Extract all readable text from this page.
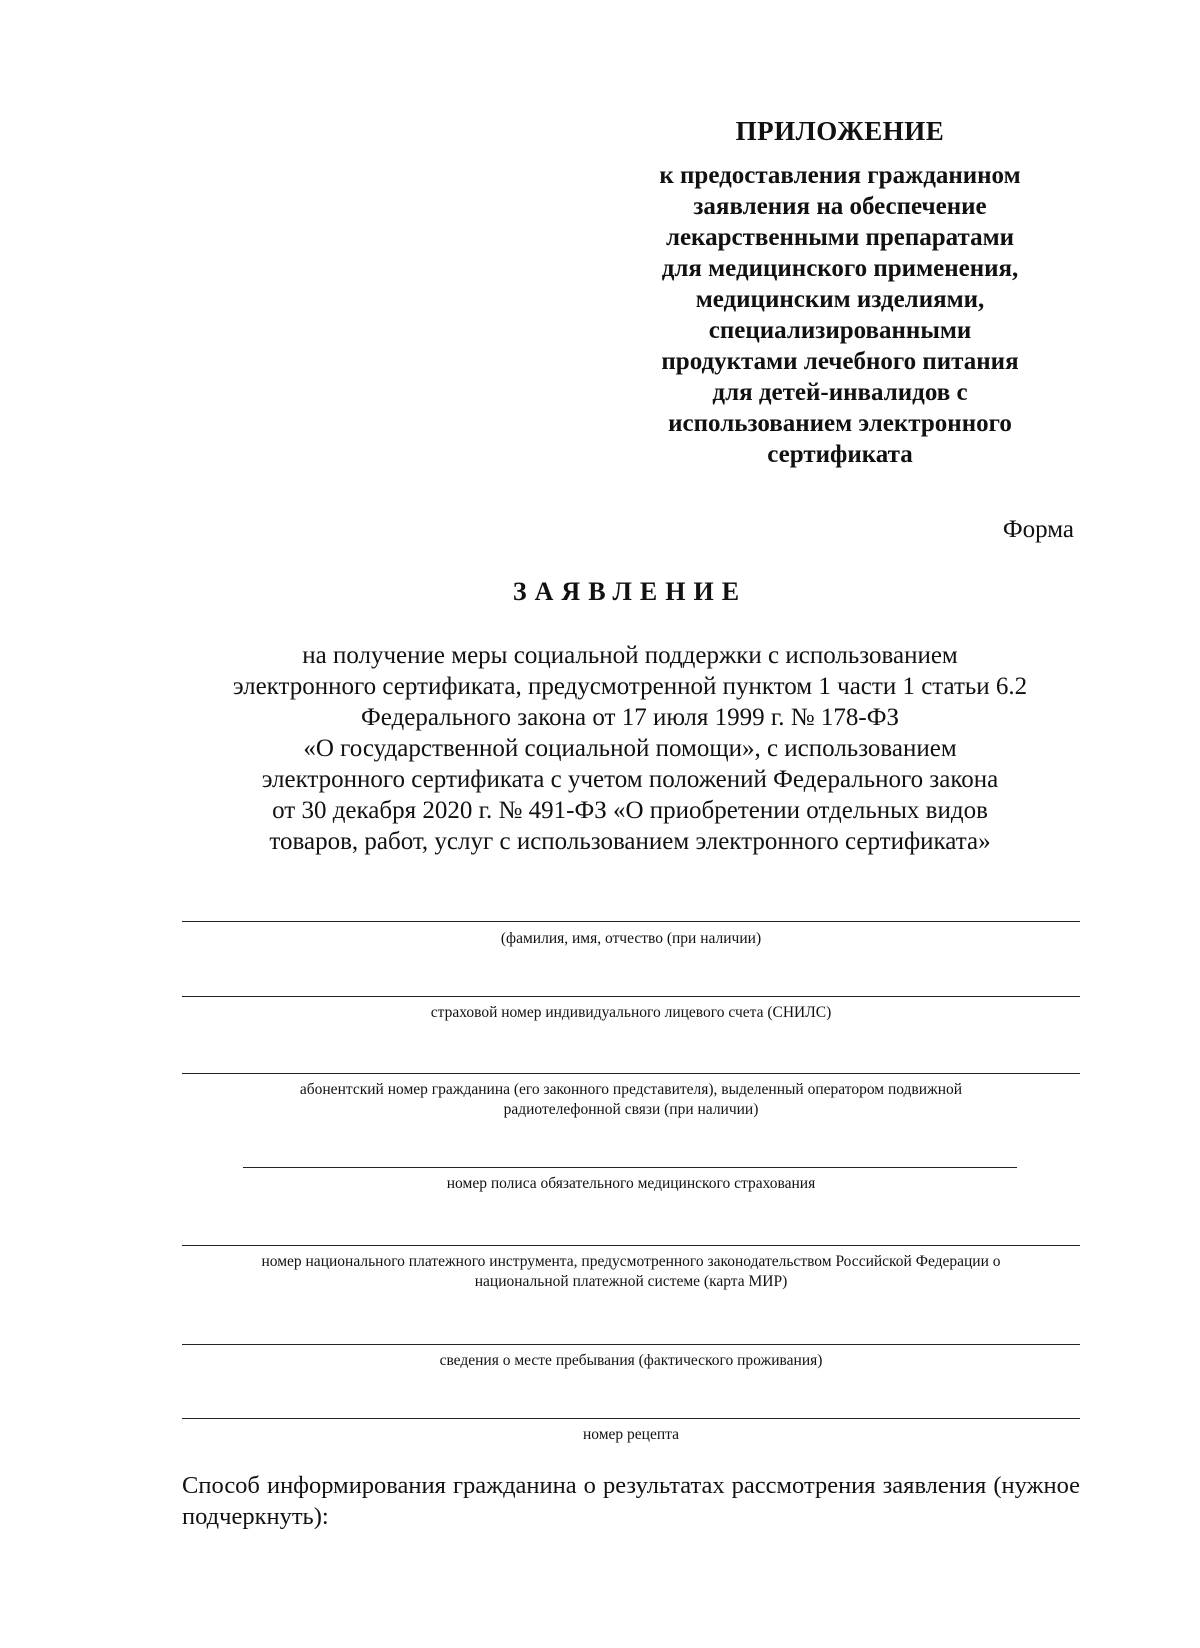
ПРИЛОЖЕНИЕ
к предоставления гражданином
заявления на обеспечение
лекарственными препаратами
для медицинского применения,
медицинским изделиями,
специализированными
продуктами лечебного питания
для детей-инвалидов с
использованием электронного
сертификата
Форма
ЗАЯВЛЕНИЕ
на получение меры социальной поддержки с использованием
электронного сертификата, предусмотренной пунктом 1 части 1 статьи 6.2
Федерального закона от 17 июля 1999 г. № 178-ФЗ
«О государственной социальной помощи», с использованием
электронного сертификата с учетом положений Федерального закона
от 30 декабря 2020 г. № 491-ФЗ «О приобретении отдельных видов
товаров, работ, услуг с использованием электронного сертификата»
(фамилия, имя, отчество (при наличии)
страховой номер индивидуального лицевого счета (СНИЛС)
абонентский номер гражданина (его законного представителя), выделенный оператором подвижной
радиотелефонной связи (при наличии)
номер полиса обязательного медицинского страхования
номер национального платежного инструмента, предусмотренного законодательством Российской Федерации о
национальной платежной системе (карта МИР)
сведения о месте пребывания (фактического проживания)
номер рецепта
Способ информирования гражданина о результатах рассмотрения заявления (нужное
подчеркнуть):
